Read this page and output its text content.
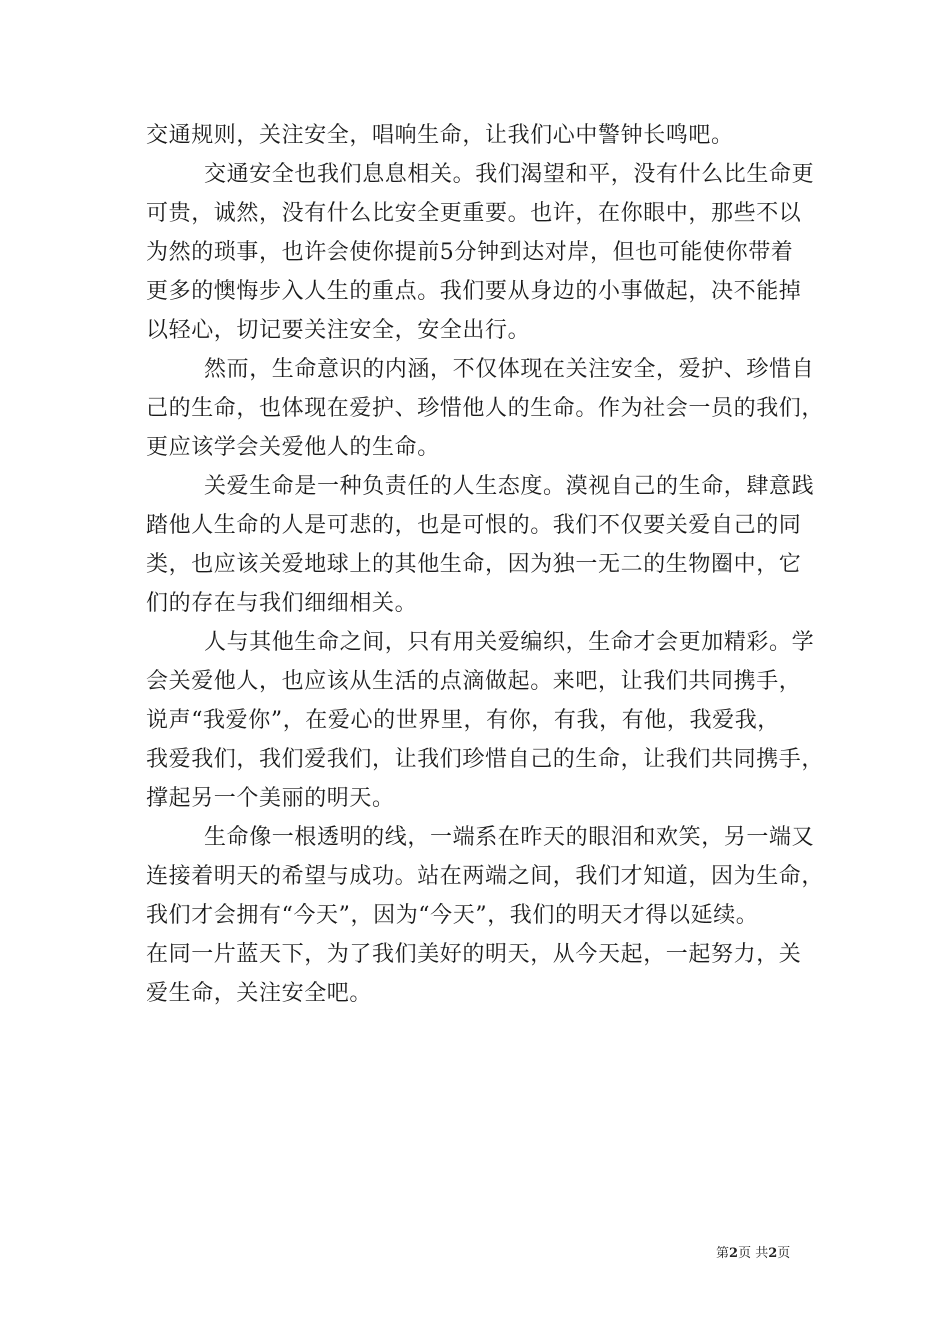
交通规则，关注安全，唱响生命，让我们心中警钟长鸣吧。
交通安全也我们息息相关。我们渴望和平，没有什么比生命更
可贵，诚然，没有什么比安全更重要。也许，在你眼中，那些不以
为然的琐事，也许会使你提前5分钟到达对岸，但也可能使你带着
更多的懊悔步入人生的重点。我们要从身边的小事做起，决不能掉
以轻心，切记要关注安全，安全出行。
然而，生命意识的内涵，不仅体现在关注安全，爱护、珍惜自
己的生命，也体现在爱护、珍惜他人的生命。作为社会一员的我们，
更应该学会关爱他人的生命。
关爱生命是一种负责任的人生态度。漠视自己的生命，肆意践
踏他人生命的人是可悲的，也是可恨的。我们不仅要关爱自己的同
类，也应该关爱地球上的其他生命，因为独一无二的生物圈中，它
们的存在与我们细细相关。
人与其他生命之间，只有用关爱编织，生命才会更加精彩。学
会关爱他人，也应该从生活的点滴做起。来吧，让我们共同携手，
说声“我爱你”，在爱心的世界里，有你，有我，有他，我爱我，
我爱我们，我们爱我们，让我们珍惜自己的生命，让我们共同携手，
撑起另一个美丽的明天。
生命像一根透明的线，一端系在昨天的眼泪和欢笑，另一端又
连接着明天的希望与成功。站在两端之间，我们才知道，因为生命，
我们才会拥有“今天”，因为“今天”，我们的明天才得以延续。
在同一片蓝天下，为了我们美好的明天，从今天起，一起努力，关
爱生命，关注安全吧。
第2页 共2页
